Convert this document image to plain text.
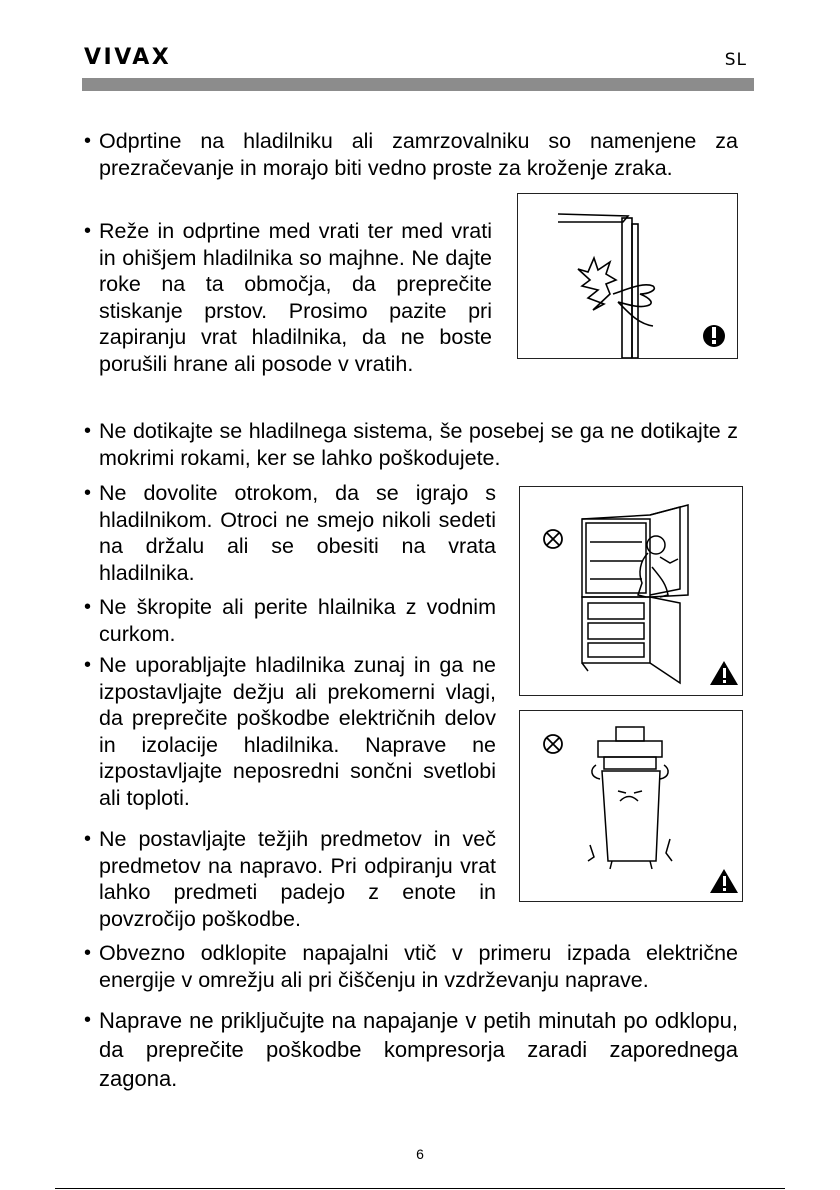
VIVAX	SL
• Odprtine na hladilniku ali zamrzovalniku so namenjene za prezračevanje in morajo biti vedno proste za kroženje zraka.
• Reže in odprtine med vrati ter med vrati in ohišjem hladilnika so majhne. Ne dajte roke na ta območja, da preprečite stiskanje prstov. Prosimo pazite pri zapiranju vrat hladilnika, da ne boste porušili hrane ali posode v vratih.
• Ne dotikajte se hladilnega sistema, še posebej se ga ne dotikajte z mokrimi rokami, ker se lahko poškodujete.
• Ne dovolite otrokom, da se igrajo s hladilnikom. Otroci ne smejo nikoli sedeti na držalu ali se obesiti na vrata hladilnika.
• Ne škropite ali perite hlailnika z vodnim curkom.
• Ne uporabljajte hladilnika zunaj in ga ne izpostavljajte dežju ali prekomerni vlagi, da preprečite poškodbe električnih delov in izolacije hladilnika. Naprave ne izpostavljajte neposredni sončni svetlobi ali toploti.
• Ne postavljajte težjih predmetov in več predmetov na napravo. Pri odpiranju vrat lahko predmeti padejo z enote in povzročijo poškodbe.
• Obvezno odklopite napajalni vtič v primeru izpada električne energije v omrežju ali pri čiščenju in vzdrževanju naprave.
• Naprave ne priključujte na napajanje v petih minutah po odklopu, da preprečite poškodbe kompresorja zaradi zaporednega zagona.
6
